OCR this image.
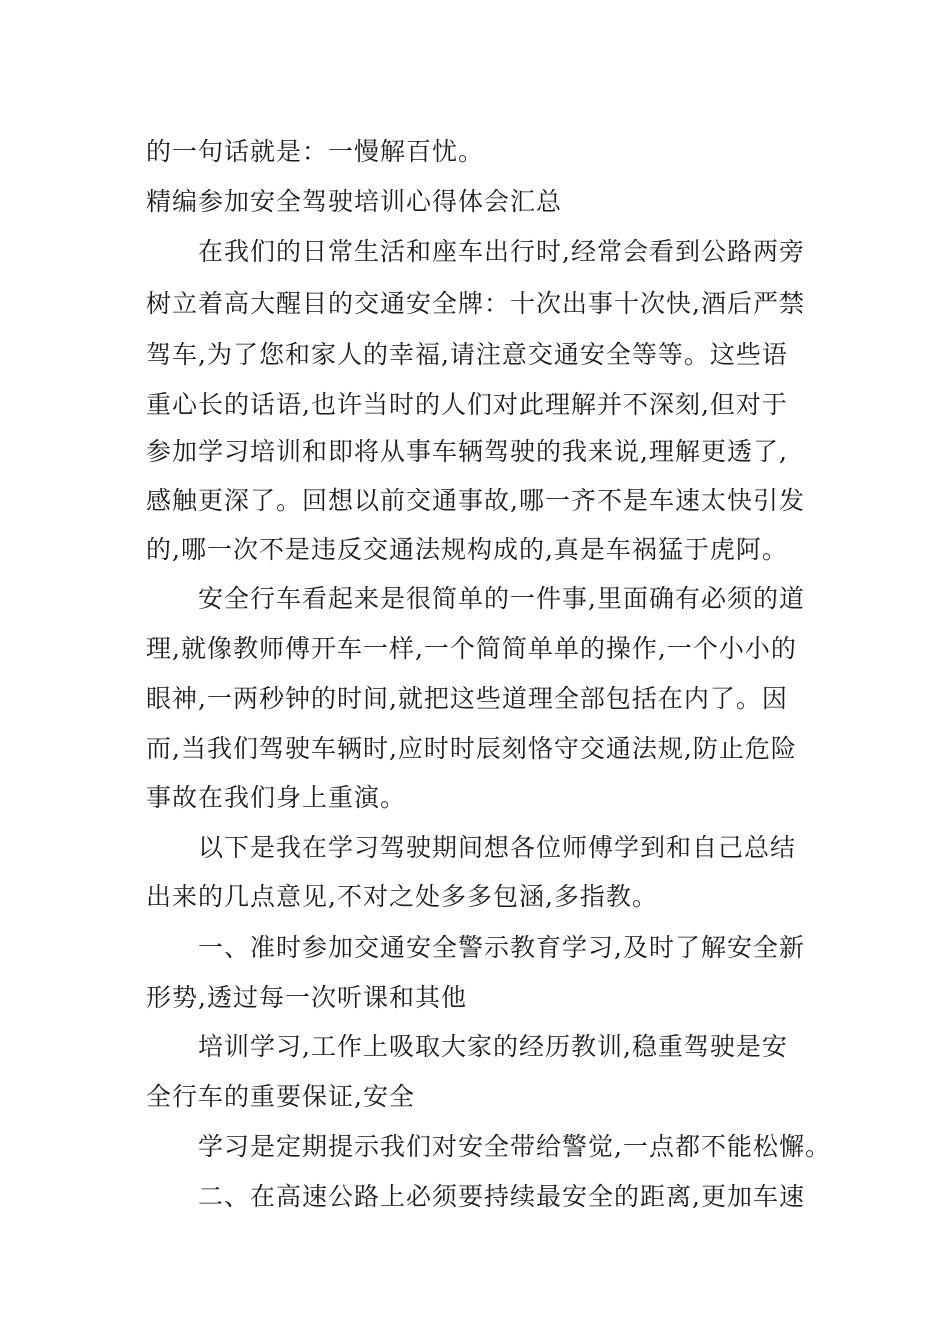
的一句话就是：一慢解百忧。
精编参加安全驾驶培训心得体会汇总
在我们的日常生活和座车出行时,经常会看到公路两旁
树立着高大醒目的交通安全牌：十次出事十次快,酒后严禁
驾车,为了您和家人的幸福,请注意交通安全等等。这些语
重心长的话语,也许当时的人们对此理解并不深刻,但对于
参加学习培训和即将从事车辆驾驶的我来说,理解更透了,
感触更深了。回想以前交通事故,哪一齐不是车速太快引发
的,哪一次不是违反交通法规构成的,真是车祸猛于虎阿。
安全行车看起来是很简单的一件事,里面确有必须的道
理,就像教师傅开车一样,一个简简单单的操作,一个小小的
眼神,一两秒钟的时间,就把这些道理全部包括在内了。因
而,当我们驾驶车辆时,应时时辰刻恪守交通法规,防止危险
事故在我们身上重演。
以下是我在学习驾驶期间想各位师傅学到和自己总结
出来的几点意见,不对之处多多包涵,多指教。
一、准时参加交通安全警示教育学习,及时了解安全新
形势,透过每一次听课和其他
培训学习,工作上吸取大家的经历教训,稳重驾驶是安
全行车的重要保证,安全
学习是定期提示我们对安全带给警觉,一点都不能松懈。
二、在高速公路上必须要持续最安全的距离,更加车速
